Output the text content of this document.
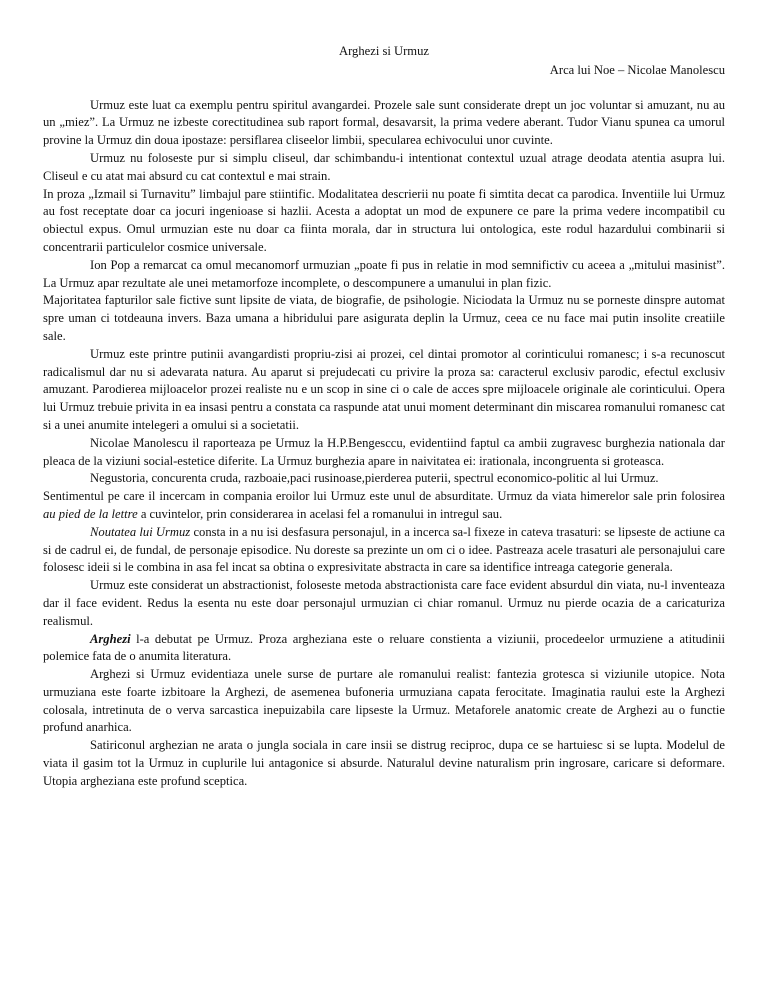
Arghezi si Urmuz

Arca lui Noe – Nicolae Manolescu

Urmuz este luat ca exemplu pentru spiritul avangardei. Prozele sale sunt considerate drept un joc voluntar si amuzant, nu au un „miez”. La Urmuz ne izbeste corectitudinea sub raport formal, desavarsit, la prima vedere aberant. Tudor Vianu spunea ca umorul provine la Urmuz din doua ipostaze: persiflarea cliseelor limbii, specularea echivocului unor cuvinte.

Urmuz nu foloseste pur si simplu cliseul, dar schimbandu-i intentionat contextul uzual atrage deodata atentia asupra lui. Cliseul e cu atat mai absurd cu cat contextul e mai strain.

In proza „Izmail si Turnavitu” limbajul pare stiintific. Modalitatea descrierii nu poate fi simtita decat ca parodica. Inventiile lui Urmuz au fost receptate doar ca jocuri ingenioase si hazlii. Acesta a adoptat un mod de expunere ce pare la prima vedere incompatibil cu obiectul expus. Omul urmuzian este nu doar ca fiinta morala, dar in structura lui ontologica, este rodul hazardului combinarii si concentrarii particulelor cosmice universale.

Ion Pop a remarcat ca omul mecanomorf urmuzian „poate fi pus in relatie in mod semnifictiv cu aceea a „mitului masinist”. La Urmuz apar rezultate ale unei metamorfoze incomplete, o descompunere a umanului in plan fizic.

Majoritatea fapturilor sale fictive sunt lipsite de viata, de biografie, de psihologie. Niciodata la Urmuz nu se porneste dinspre automat spre uman ci totdeauna invers. Baza umana a hibridului pare asigurata deplin la Urmuz, ceea ce nu face mai putin insolite creatiile sale.

Urmuz este printre putinii avangardisti propriu-zisi ai prozei, cel dintai promotor al corinticului romanesc; i s-a recunoscut radicalismul dar nu si adevarata natura. Au aparut si prejudecati cu privire la proza sa: caracterul exclusiv parodic, efectul exclusiv amuzant. Parodierea mijloacelor prozei realiste nu e un scop in sine ci o cale de acces spre mijloacele originale ale corinticului. Opera lui Urmuz trebuie privita in ea insasi pentru a constata ca raspunde atat unui moment determinant din miscarea romanului romanesc cat si a unei anumite intelegeri a omului si a societatii.

Nicolae Manolescu il raporteaza pe Urmuz la H.P.Bengesccu, evidentiind faptul ca ambii zugravesc burghezia nationala dar pleaca de la viziuni social-estetice diferite. La Urmuz burghezia apare in naivitatea ei: irationala, incongruenta si groteasca.

Negustoria, concurenta cruda, razboaie,paci rusinoase,pierderea puterii, spectrul economico-politic al lui Urmuz.

Sentimentul pe care il incercam in compania eroilor lui Urmuz este unul de absurditate. Urmuz da viata himerelor sale prin folosirea au pied de la lettre a cuvintelor, prin considerarea in acelasi fel a romanului in intregul sau.

Noutatea lui Urmuz consta in a nu isi desfasura personajul, in a incerca sa-l fixeze in cateva trasaturi: se lipseste de actiune ca si de cadrul ei, de fundal, de personaje episodice. Nu doreste sa prezinte un om ci o idee. Pastreaza acele trasaturi ale personajului care folosesc ideii si le combina in asa fel incat sa obtina o expresivitate abstracta in care sa identifice intreaga categorie generala.

Urmuz este considerat un abstractionist, foloseste metoda abstractionista care face evident absurdul din viata, nu-l inventeaza dar il face evident. Redus la esenta nu este doar personajul urmuzian ci chiar romanul. Urmuz nu pierde ocazia de a caricaturiza realismul.

Arghezi l-a debutat pe Urmuz. Proza argheziana este o reluare constienta a viziunii, procedeelor urmuziene a atitudinii polemice fata de o anumita literatura.

Arghezi si Urmuz evidentiaza unele surse de purtare ale romanului realist: fantezia grotesca si viziunile utopice. Nota urmuziana este foarte izbitoare la Arghezi, de asemenea bufoneria urmuziana capata ferocitate. Imaginatia raului este la Arghezi colosala, intretinuta de o verva sarcastica inepuizabila care lipseste la Urmuz. Metaforele anatomic create de Arghezi au o functie profund anarhica.

Satiriconul arghezian ne arata o jungla sociala in care insii se distrug reciproc, dupa ce se hartuiesc si se lupta. Modelul de viata il gasim tot la Urmuz in cuplurile lui antagonice si absurde. Naturalul devine naturalism prin ingrosare, caricare si deformare. Utopia argheziana este profund sceptica.
